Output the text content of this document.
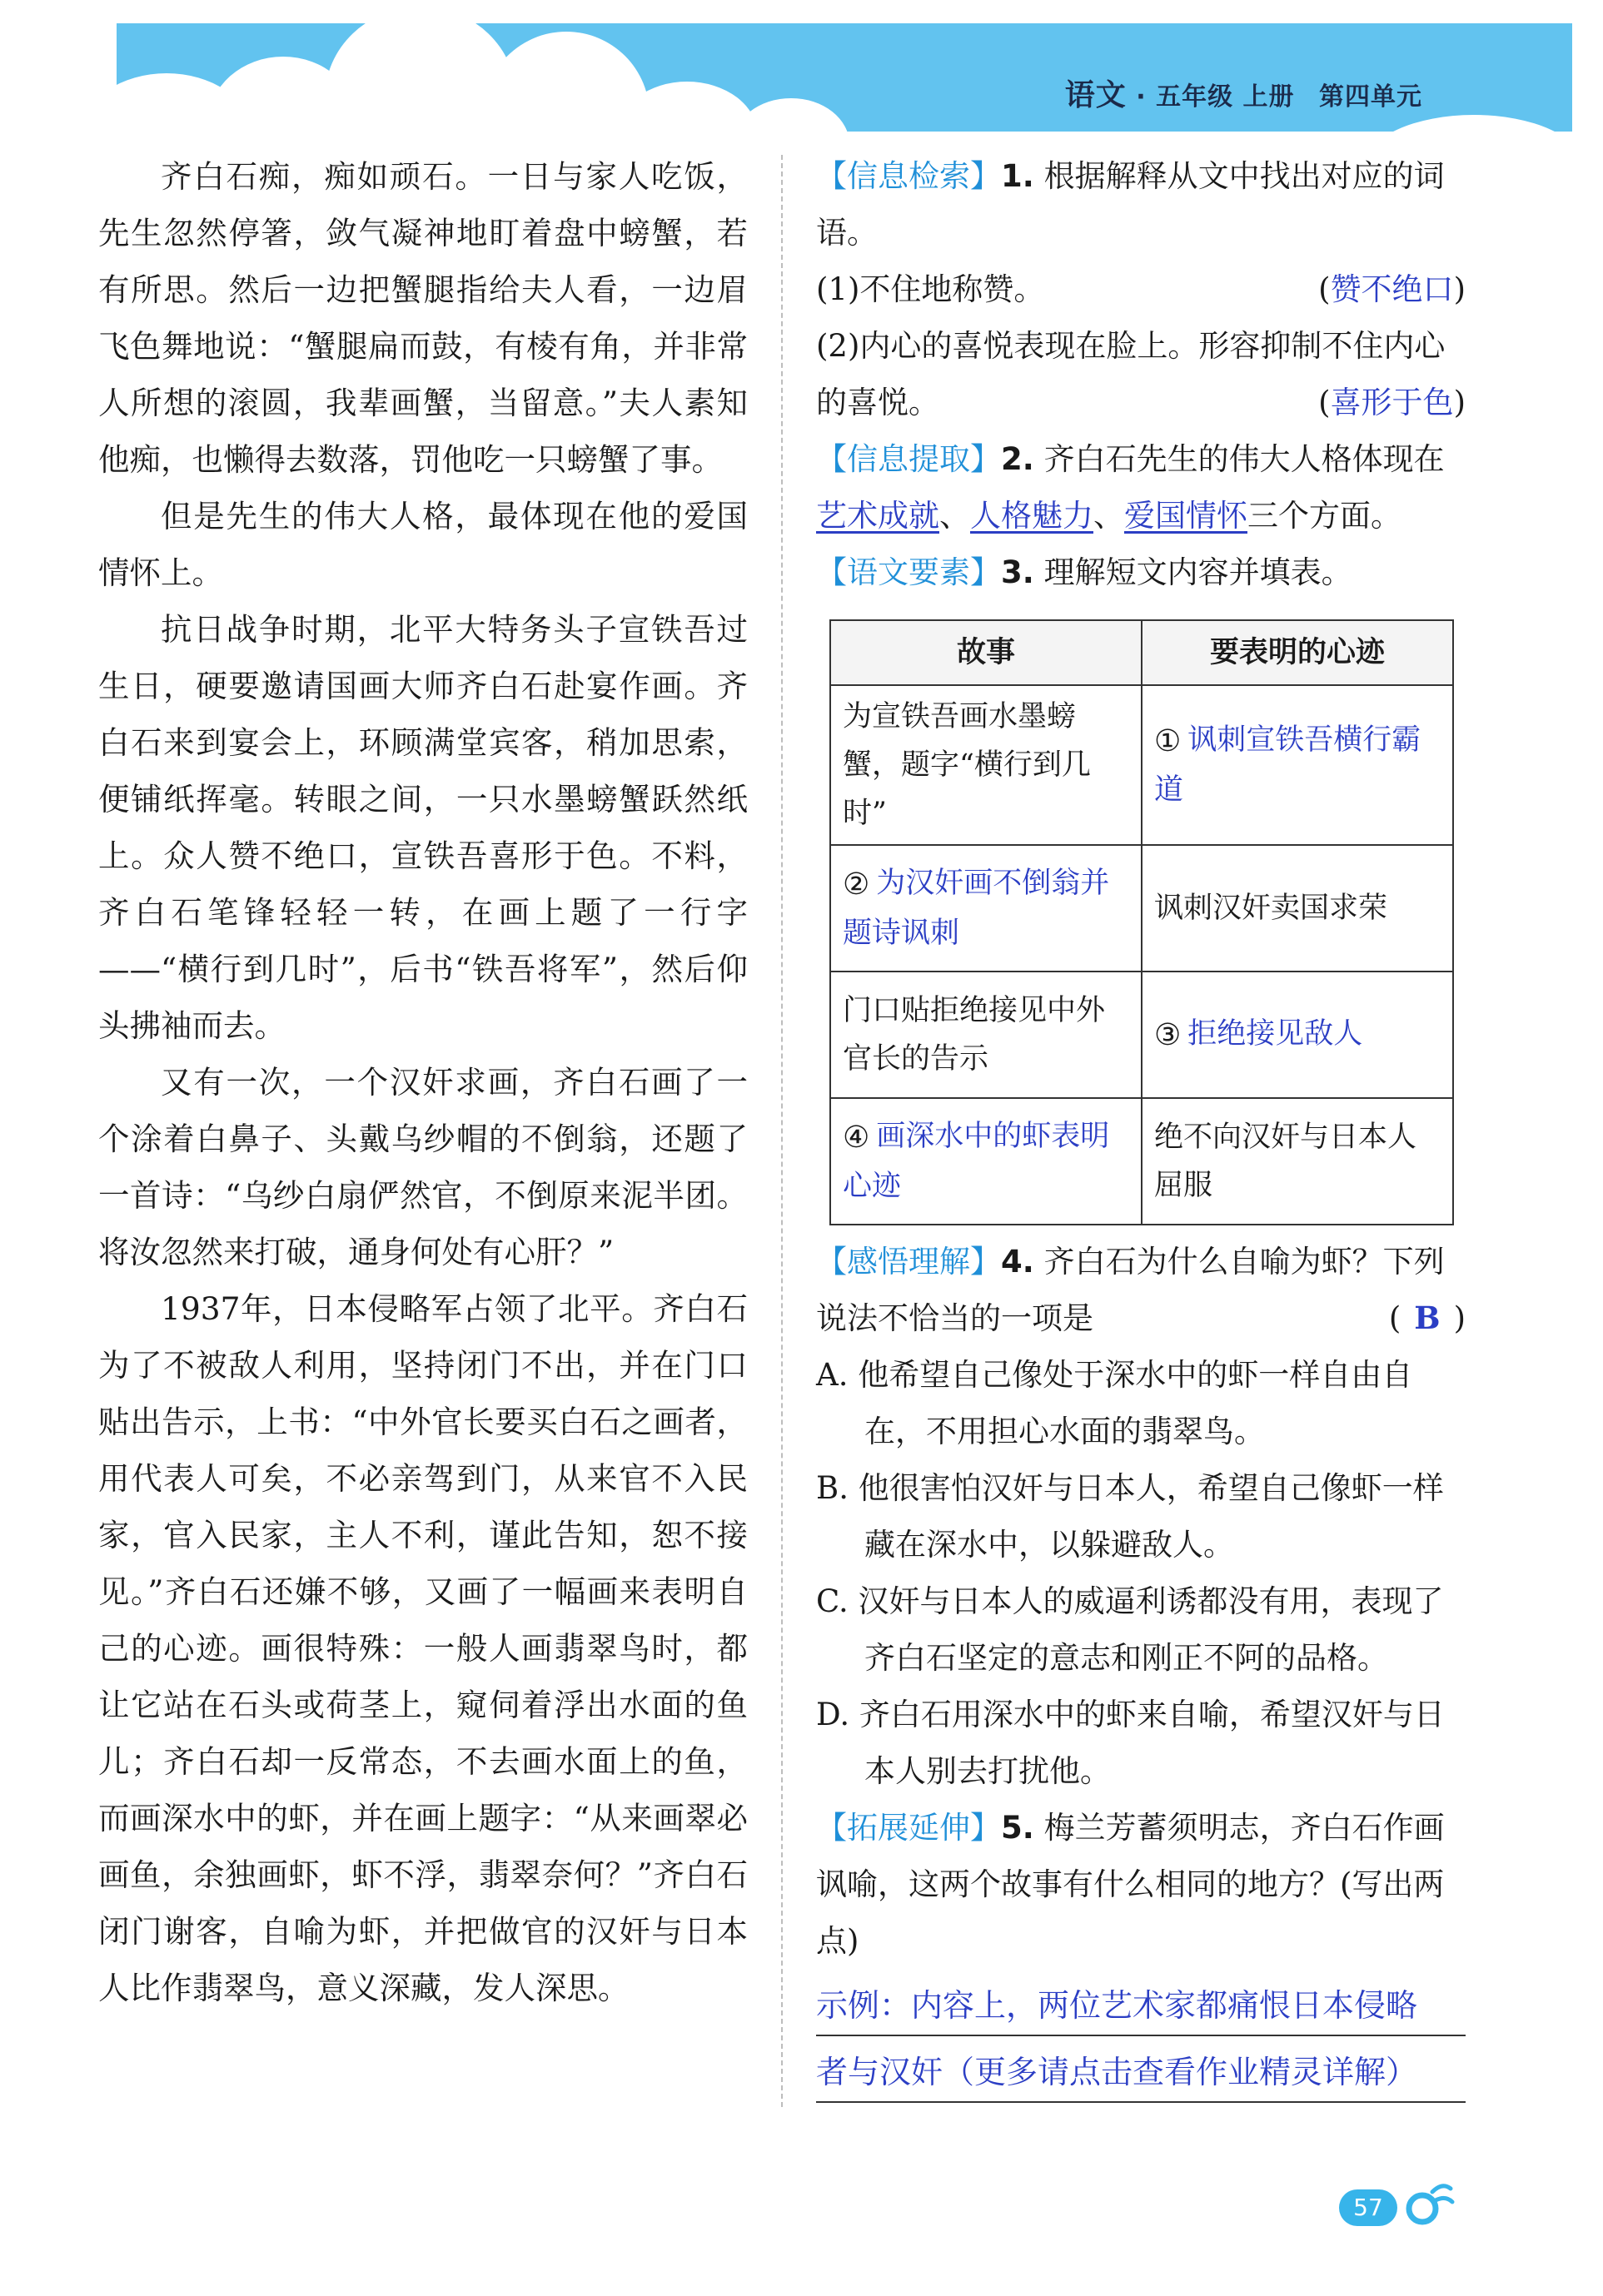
语文 · 五年级 上册 第四单元

齐白石痴，痴如顽石。一日与家人吃饭，先生忽然停箸，敛气凝神地盯着盘中螃蟹，若有所思。然后一边把蟹腿指给夫人看，一边眉飞色舞地说：“蟹腿扁而鼓，有棱有角，并非常人所想的滚圆，我辈画蟹，当留意。”夫人素知他痴，也懒得去数落，罚他吃一只螃蟹了事。

但是先生的伟大人格，最体现在他的爱国情怀上。

抗日战争时期，北平大特务头子宣铁吾过生日，硬要邀请国画大师齐白石赴宴作画。齐白石来到宴会上，环顾满堂宾客，稍加思索，便铺纸挥毫。转眼之间，一只水墨螃蟹跃然纸上。众人赞不绝口，宣铁吾喜形于色。不料，齐白石笔锋轻轻一转，在画上题了一行字——“横行到几时”，后书“铁吾将军”，然后仰头拂袖而去。

又有一次，一个汉奸求画，齐白石画了一个涂着白鼻子、头戴乌纱帽的不倒翁，还题了一首诗：“乌纱白扇俨然官，不倒原来泥半团。将汝忽然来打破，通身何处有心肝？”

1937年，日本侵略军占领了北平。齐白石为了不被敌人利用，坚持闭门不出，并在门口贴出告示，上书：“中外官长要买白石之画者，用代表人可矣，不必亲驾到门，从来官不入民家，官入民家，主人不利，谨此告知，恕不接见。”齐白石还嫌不够，又画了一幅画来表明自己的心迹。画很特殊：一般人画翡翠鸟时，都让它站在石头或荷茎上，窥伺着浮出水面的鱼儿；齐白石却一反常态，不去画水面上的鱼，而画深水中的虾，并在画上题字：“从来画翠必画鱼，余独画虾，虾不浮，翡翠奈何？”齐白石闭门谢客，自喻为虾，并把做官的汉奸与日本人比作翡翠鸟，意义深藏，发人深思。

【信息检索】1. 根据解释从文中找出对应的词语。
(1)不住地称赞。	(赞不绝口)
(2)内心的喜悦表现在脸上。形容抑制不住内心的喜悦。	(喜形于色)
【信息提取】2. 齐白石先生的伟大人格体现在艺术成就、人格魅力、爱国情怀三个方面。
【语文要素】3. 理解短文内容并填表。
故事	要表明的心迹
为宣铁吾画水墨螃蟹，题字“横行到几时”	① 讽刺宣铁吾横行霸道
② 为汉奸画不倒翁并题诗讽刺	讽刺汉奸卖国求荣
门口贴拒绝接见中外官长的告示	③ 拒绝接见敌人
④ 画深水中的虾表明心迹	绝不向汉奸与日本人屈服
【感悟理解】4. 齐白石为什么自喻为虾？下列说法不恰当的一项是	( B )
A. 他希望自己像处于深水中的虾一样自由自在，不用担心水面的翡翠鸟。
B. 他很害怕汉奸与日本人，希望自己像虾一样藏在深水中，以躲避敌人。
C. 汉奸与日本人的威逼利诱都没有用，表现了齐白石坚定的意志和刚正不阿的品格。
D. 齐白石用深水中的虾来自喻，希望汉奸与日本人别去打扰他。
【拓展延伸】5. 梅兰芳蓄须明志，齐白石作画讽喻，这两个故事有什么相同的地方？(写出两点)
示例：内容上，两位艺术家都痛恨日本侵略
者与汉奸（更多请点击查看作业精灵详解）
57
